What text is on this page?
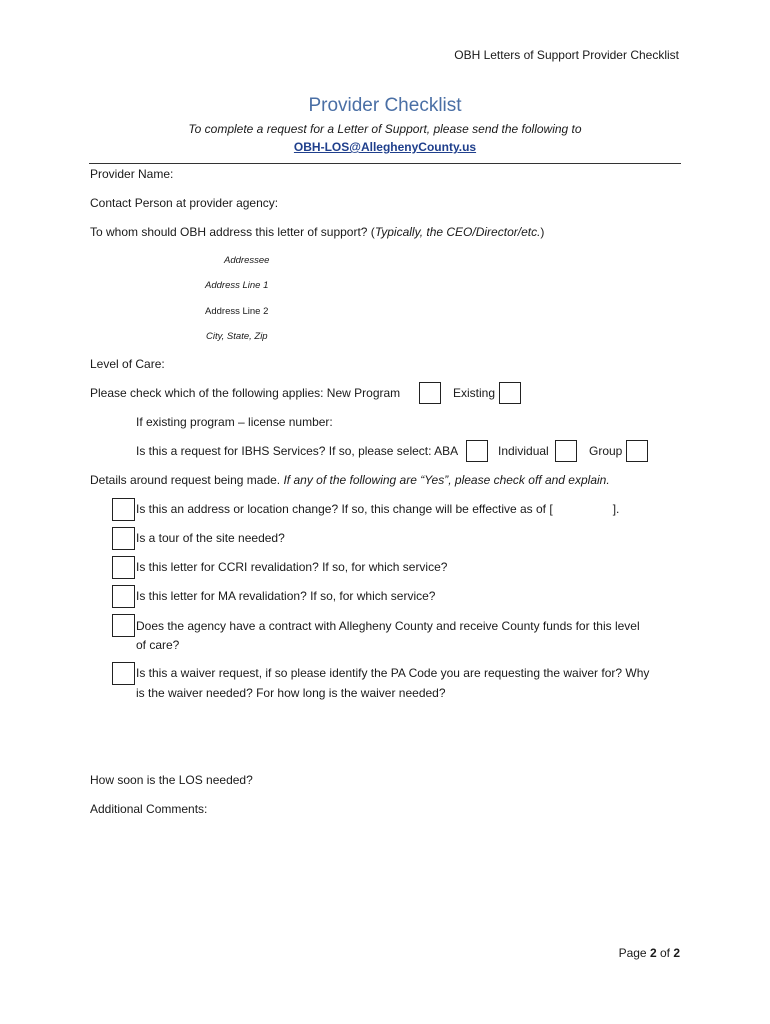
OBH Letters of Support Provider Checklist
Provider Checklist
To complete a request for a Letter of Support, please send the following to
OBH-LOS@AlleghenyCounty.us
Provider Name:
Contact Person at provider agency:
To whom should OBH address this letter of support? (Typically, the CEO/Director/etc.)
Addressee
Address Line 1
Address Line 2
City, State, Zip
Level of Care:
Please check which of the following applies: New Program	Existing
If existing program – license number:
Is this a request for IBHS Services? If so, please select: ABA	Individual	Group
Details around request being made. If any of the following are “Yes”, please check off and explain.
Is this an address or location change? If so, this change will be effective as of [	].
Is a tour of the site needed?
Is this letter for CCRI revalidation? If so, for which service?
Is this letter for MA revalidation? If so, for which service?
Does the agency have a contract with Allegheny County and receive County funds for this level
of care?
Is this a waiver request, if so please identify the PA Code you are requesting the waiver for? Why
is the waiver needed? For how long is the waiver needed?
How soon is the LOS needed?
Additional Comments:
Page 2 of 2
